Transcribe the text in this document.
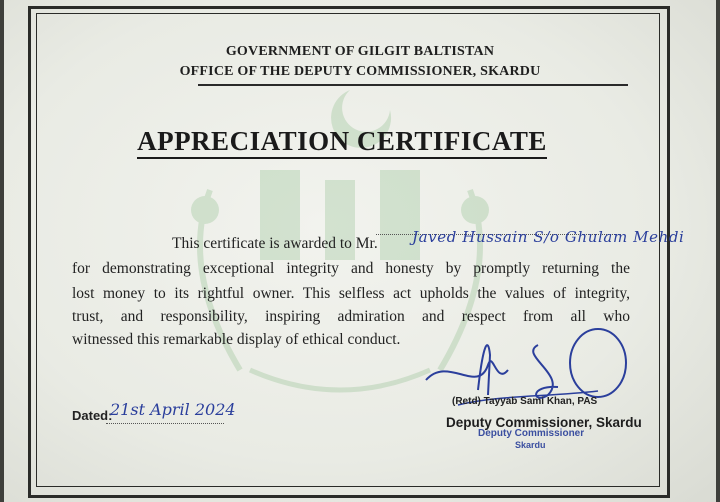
GOVERNMENT OF GILGIT BALTISTAN
OFFICE OF THE DEPUTY COMMISSIONER, SKARDU
APPRECIATION CERTIFICATE
This certificate is awarded to Mr. Javed Hussain S/o Ghulam Mehdi
for demonstrating exceptional integrity and honesty by promptly returning the
lost money to its rightful owner. This selfless act upholds the values of integrity,
trust, and responsibility, inspiring admiration and respect from all who
witnessed this remarkable display of ethical conduct.
Dated:
21st April 2024	(Retd) Tayyab Sami Khan, PAS
Deputy Commissioner, Skardu
Deputy Commissioner
Skardu
